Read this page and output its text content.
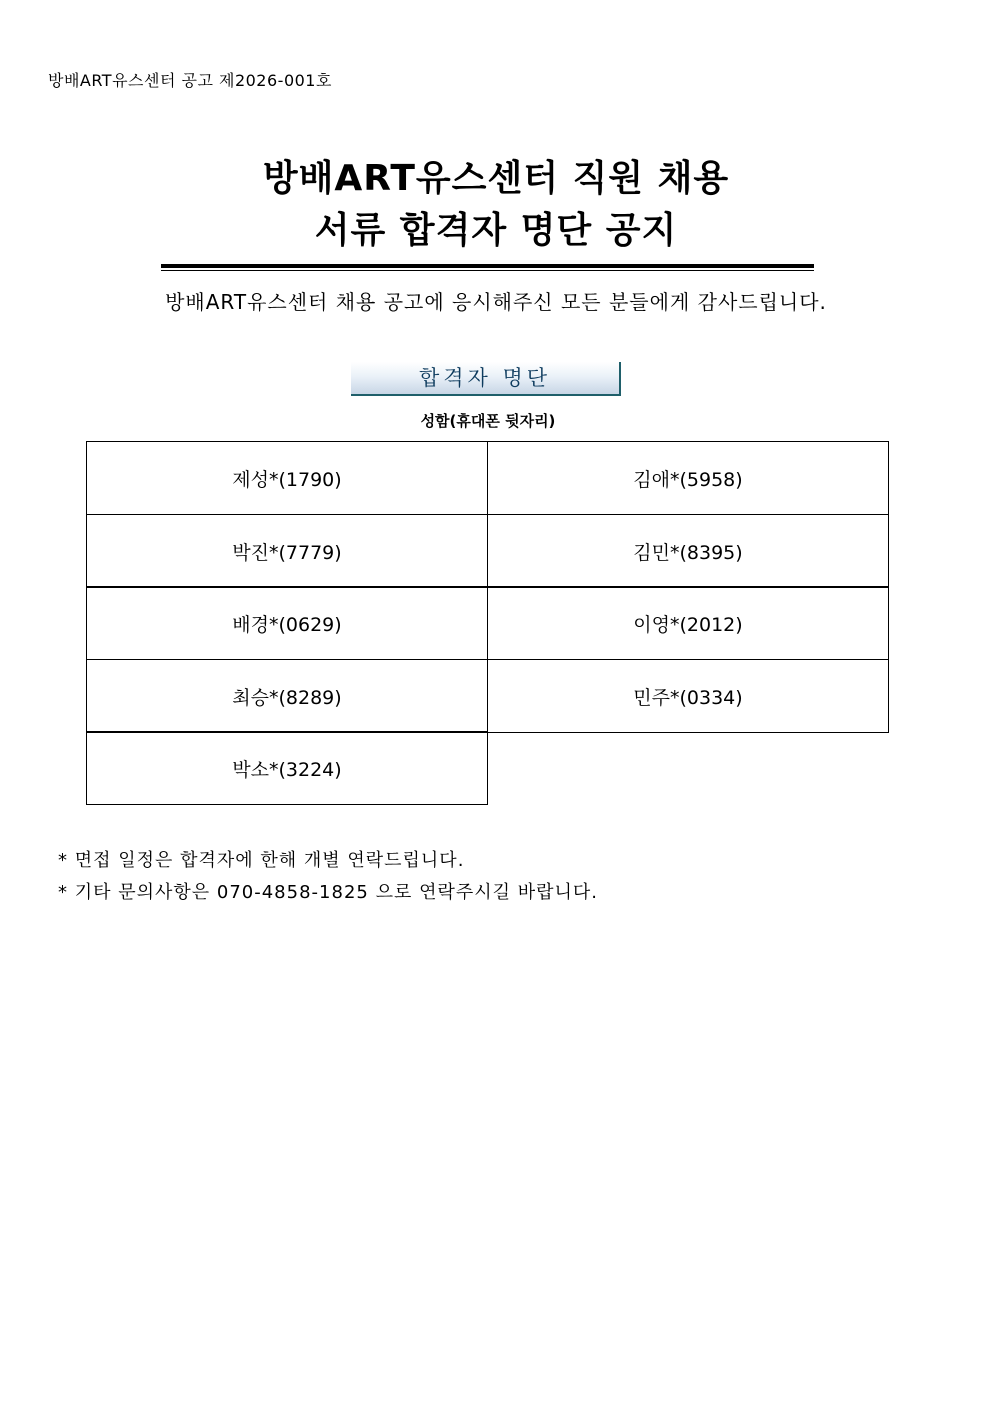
방배ART유스센터 공고 제2026-001호
방배ART유스센터 직원 채용
서류 합격자 명단 공지
방배ART유스센터 채용 공고에 응시해주신 모든 분들에게 감사드립니다.
합격자 명단
성함(휴대폰 뒷자리)
제성*(1790)	김애*(5958)
박진*(7779)	김민*(8395)
배경*(0629)	이영*(2012)
최승*(8289)	민주*(0334)
박소*(3224)
* 면접 일정은 합격자에 한해 개별 연락드립니다.
* 기타 문의사항은 070-4858-1825 으로 연락주시길 바랍니다.
